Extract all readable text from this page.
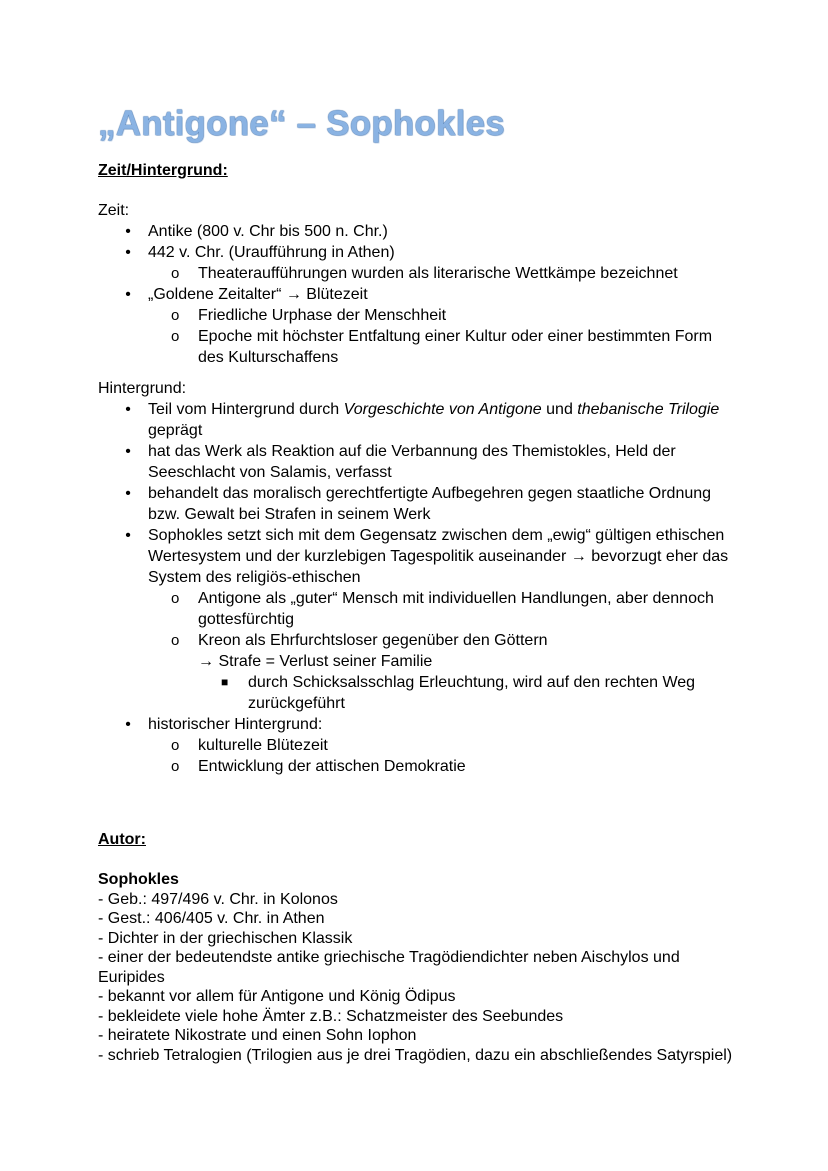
„Antigone“ – Sophokles

Zeit/Hintergrund:

Zeit:

• Antike (800 v. Chr bis 500 n. Chr.)
• 442 v. Chr. (Uraufführung in Athen)
o Theateraufführungen wurden als literarische Wettkämpe bezeichnet
• „Goldene Zeitalter“ → Blütezeit
o Friedliche Urphase der Menschheit
o Epoche mit höchster Entfaltung einer Kultur oder einer bestimmten Form des Kulturschaffens

Hintergrund:

• Teil vom Hintergrund durch Vorgeschichte von Antigone und thebanische Trilogie geprägt
• hat das Werk als Reaktion auf die Verbannung des Themistokles, Held der Seeschlacht von Salamis, verfasst
• behandelt das moralisch gerechtfertigte Aufbegehren gegen staatliche Ordnung bzw. Gewalt bei Strafen in seinem Werk
• Sophokles setzt sich mit dem Gegensatz zwischen dem „ewig“ gültigen ethischen Wertesystem und der kurzlebigen Tagespolitik auseinander → bevorzugt eher das System des religiös-ethischen
o Antigone als „guter“ Mensch mit individuellen Handlungen, aber dennoch gottesfürchtig
o Kreon als Ehrfurchtsloser gegenüber den Göttern
→ Strafe = Verlust seiner Familie
■ durch Schicksalsschlag Erleuchtung, wird auf den rechten Weg zurückgeführt
• historischer Hintergrund:
o kulturelle Blütezeit
o Entwicklung der attischen Demokratie

Autor:

Sophokles

- Geb.: 497/496 v. Chr. in Kolonos

- Gest.: 406/405 v. Chr. in Athen

- Dichter in der griechischen Klassik

- einer der bedeutendste antike griechische Tragödiendichter neben Aischylos und Euripides

- bekannt vor allem für Antigone und König Ödipus

- bekleidete viele hohe Ämter z.B.: Schatzmeister des Seebundes

- heiratete Nikostrate und einen Sohn Iophon

- schrieb Tetralogien (Trilogien aus je drei Tragödien, dazu ein abschließendes Satyrspiel)
